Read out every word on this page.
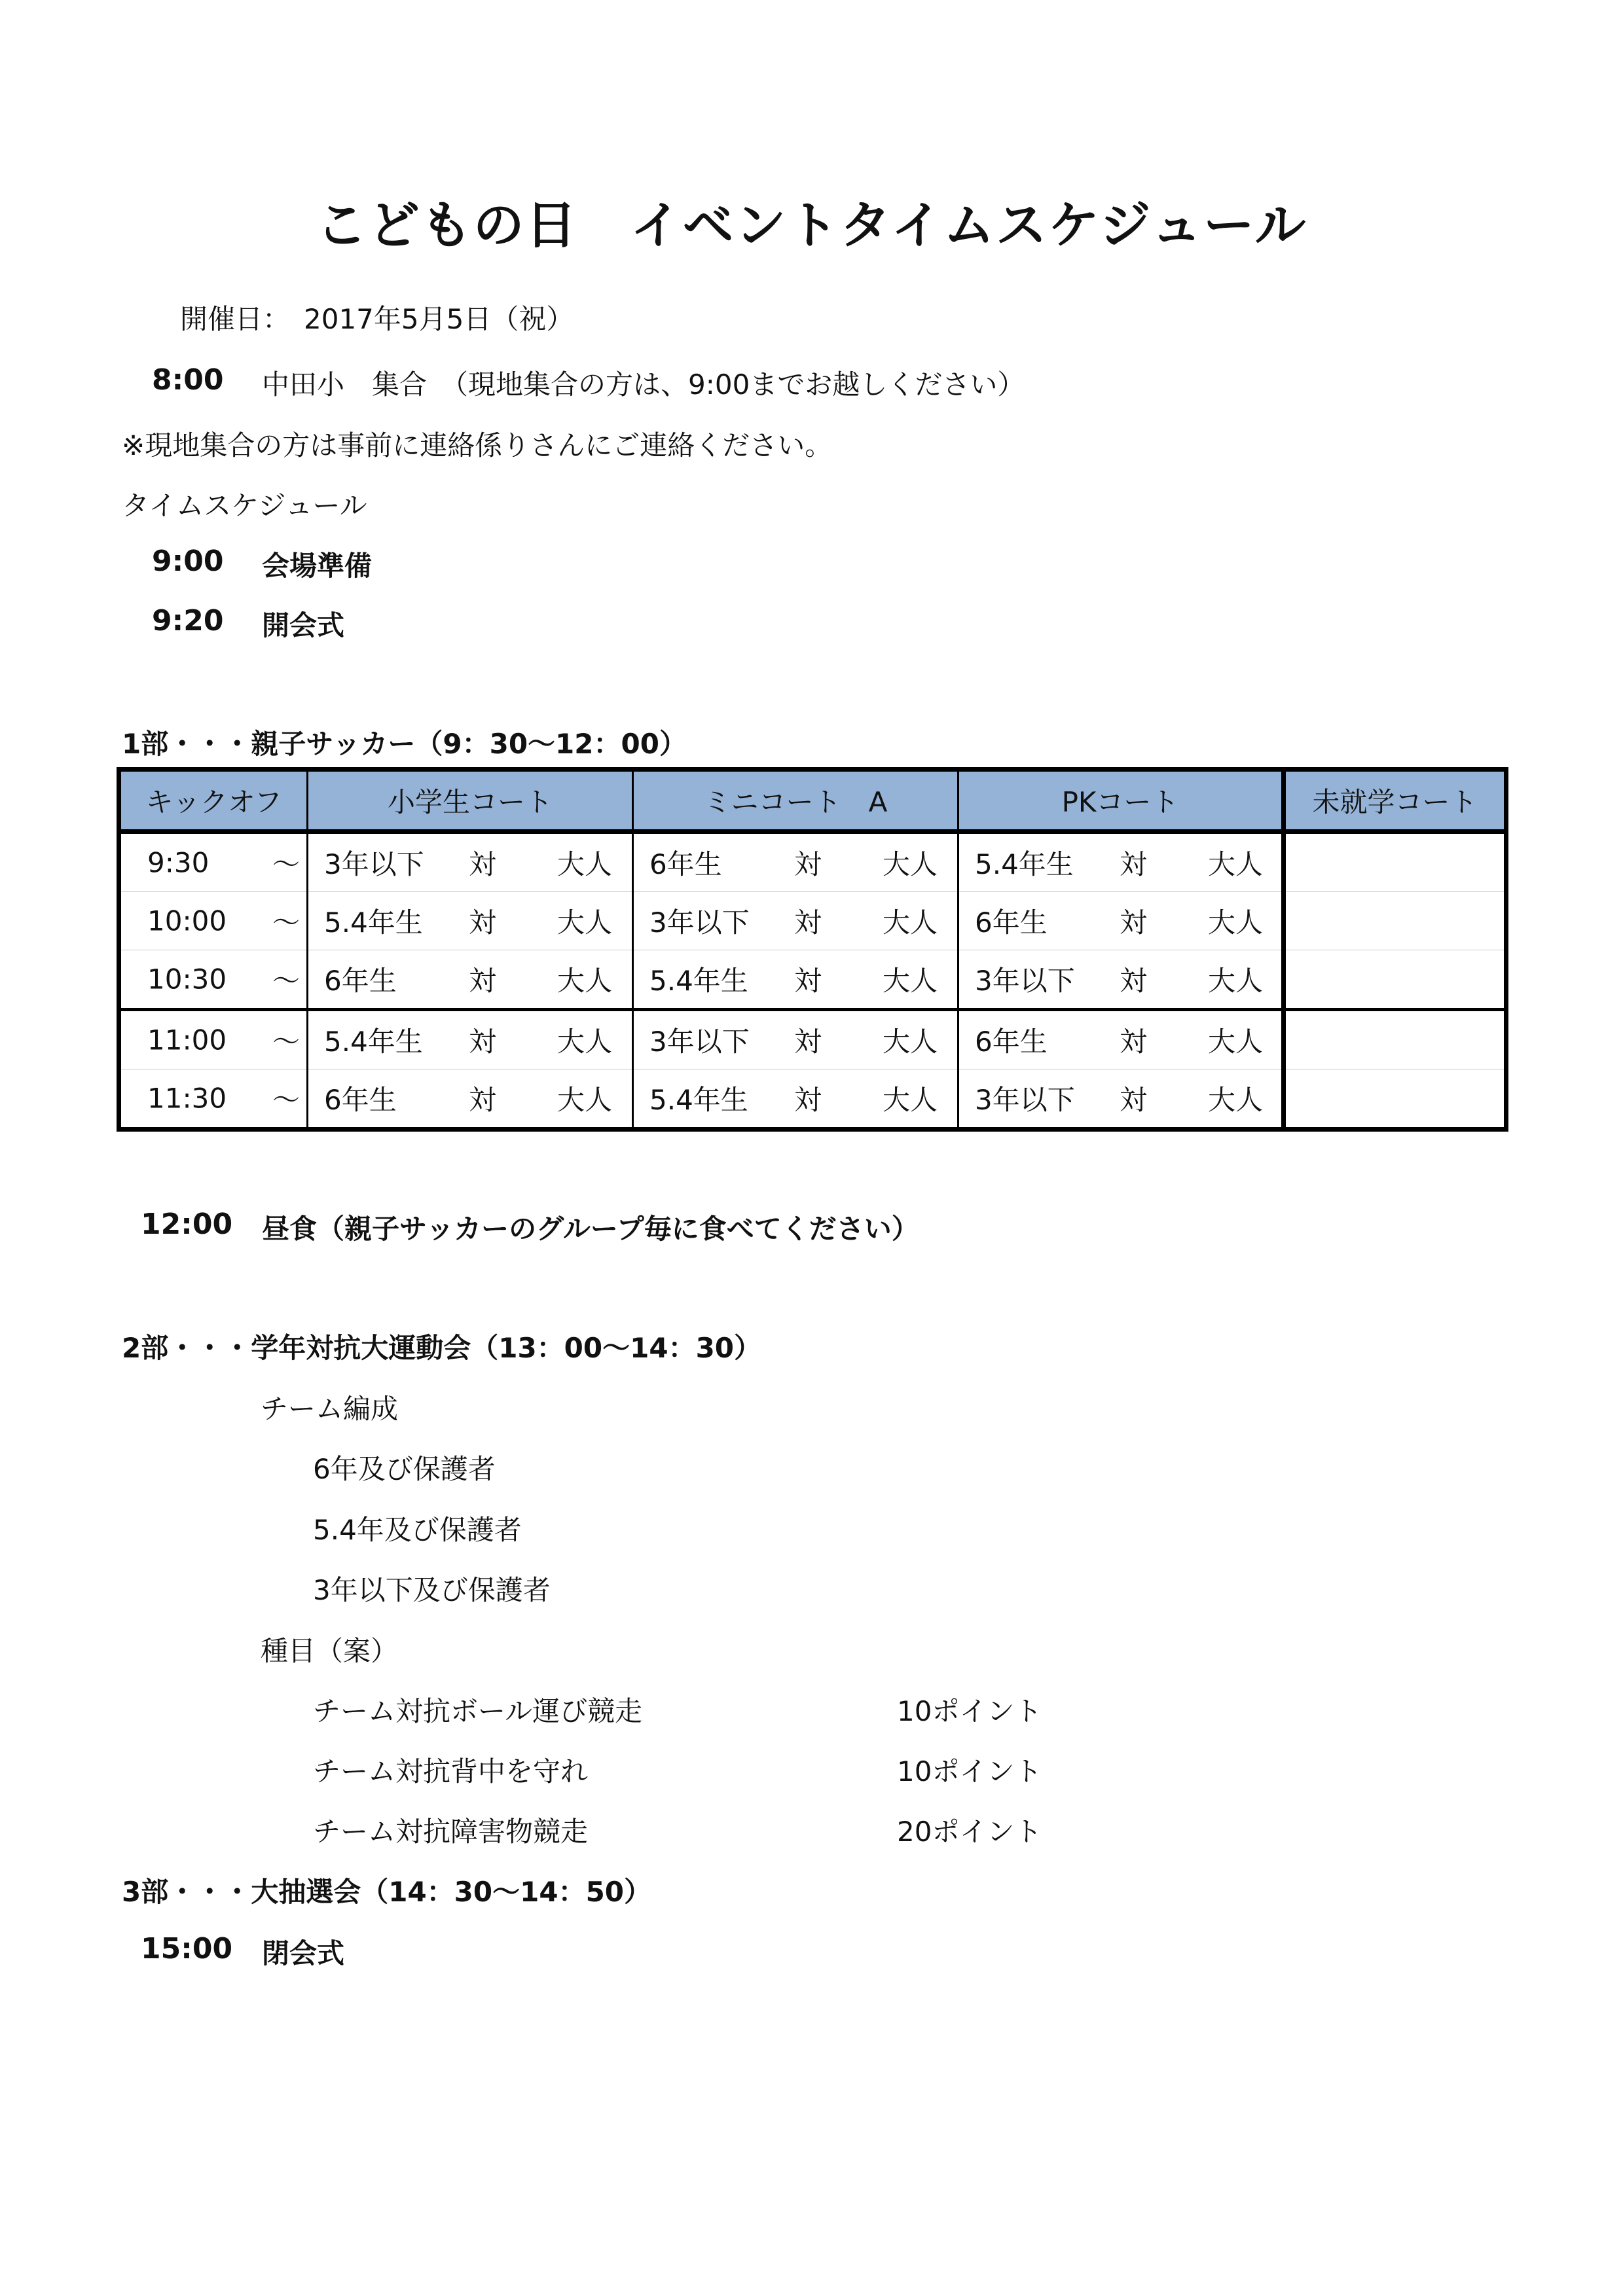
こどもの日　イベントタイムスケジュール
開催日：　2017年5月5日（祝）
8:00 中田小　集合　（現地集合の方は、9:00までお越しください）
※現地集合の方は事前に連絡係りさんにご連絡ください。
タイムスケジュール
9:00 会場準備
9:20 開会式
1部・・・親子サッカー（9：30～12：00）
キックオフ	小学生コート	ミニコート　A	PKコート	未就学コート

9:30 ～	3年以下 対 大人	6年生 対 大人	5.4年生 対 大人	

10:00 ～	5.4年生 対 大人	3年以下 対 大人	6年生 対 大人	

10:30 ～	6年生 対 大人	5.4年生 対 大人	3年以下 対 大人	

11:00 ～	5.4年生 対 大人	3年以下 対 大人	6年生 対 大人	

11:30 ～	6年生 対 大人	5.4年生 対 大人	3年以下 対 大人	

12:00 昼食（親子サッカーのグループ毎に食べてください）
2部・・・学年対抗大運動会（13：00～14：30）
チーム編成
6年及び保護者
5.4年及び保護者
3年以下及び保護者
種目（案）
チーム対抗ボール運び競走	10ポイント
チーム対抗背中を守れ	10ポイント
チーム対抗障害物競走	20ポイント
3部・・・大抽選会（14：30～14：50）
15:00 閉会式
